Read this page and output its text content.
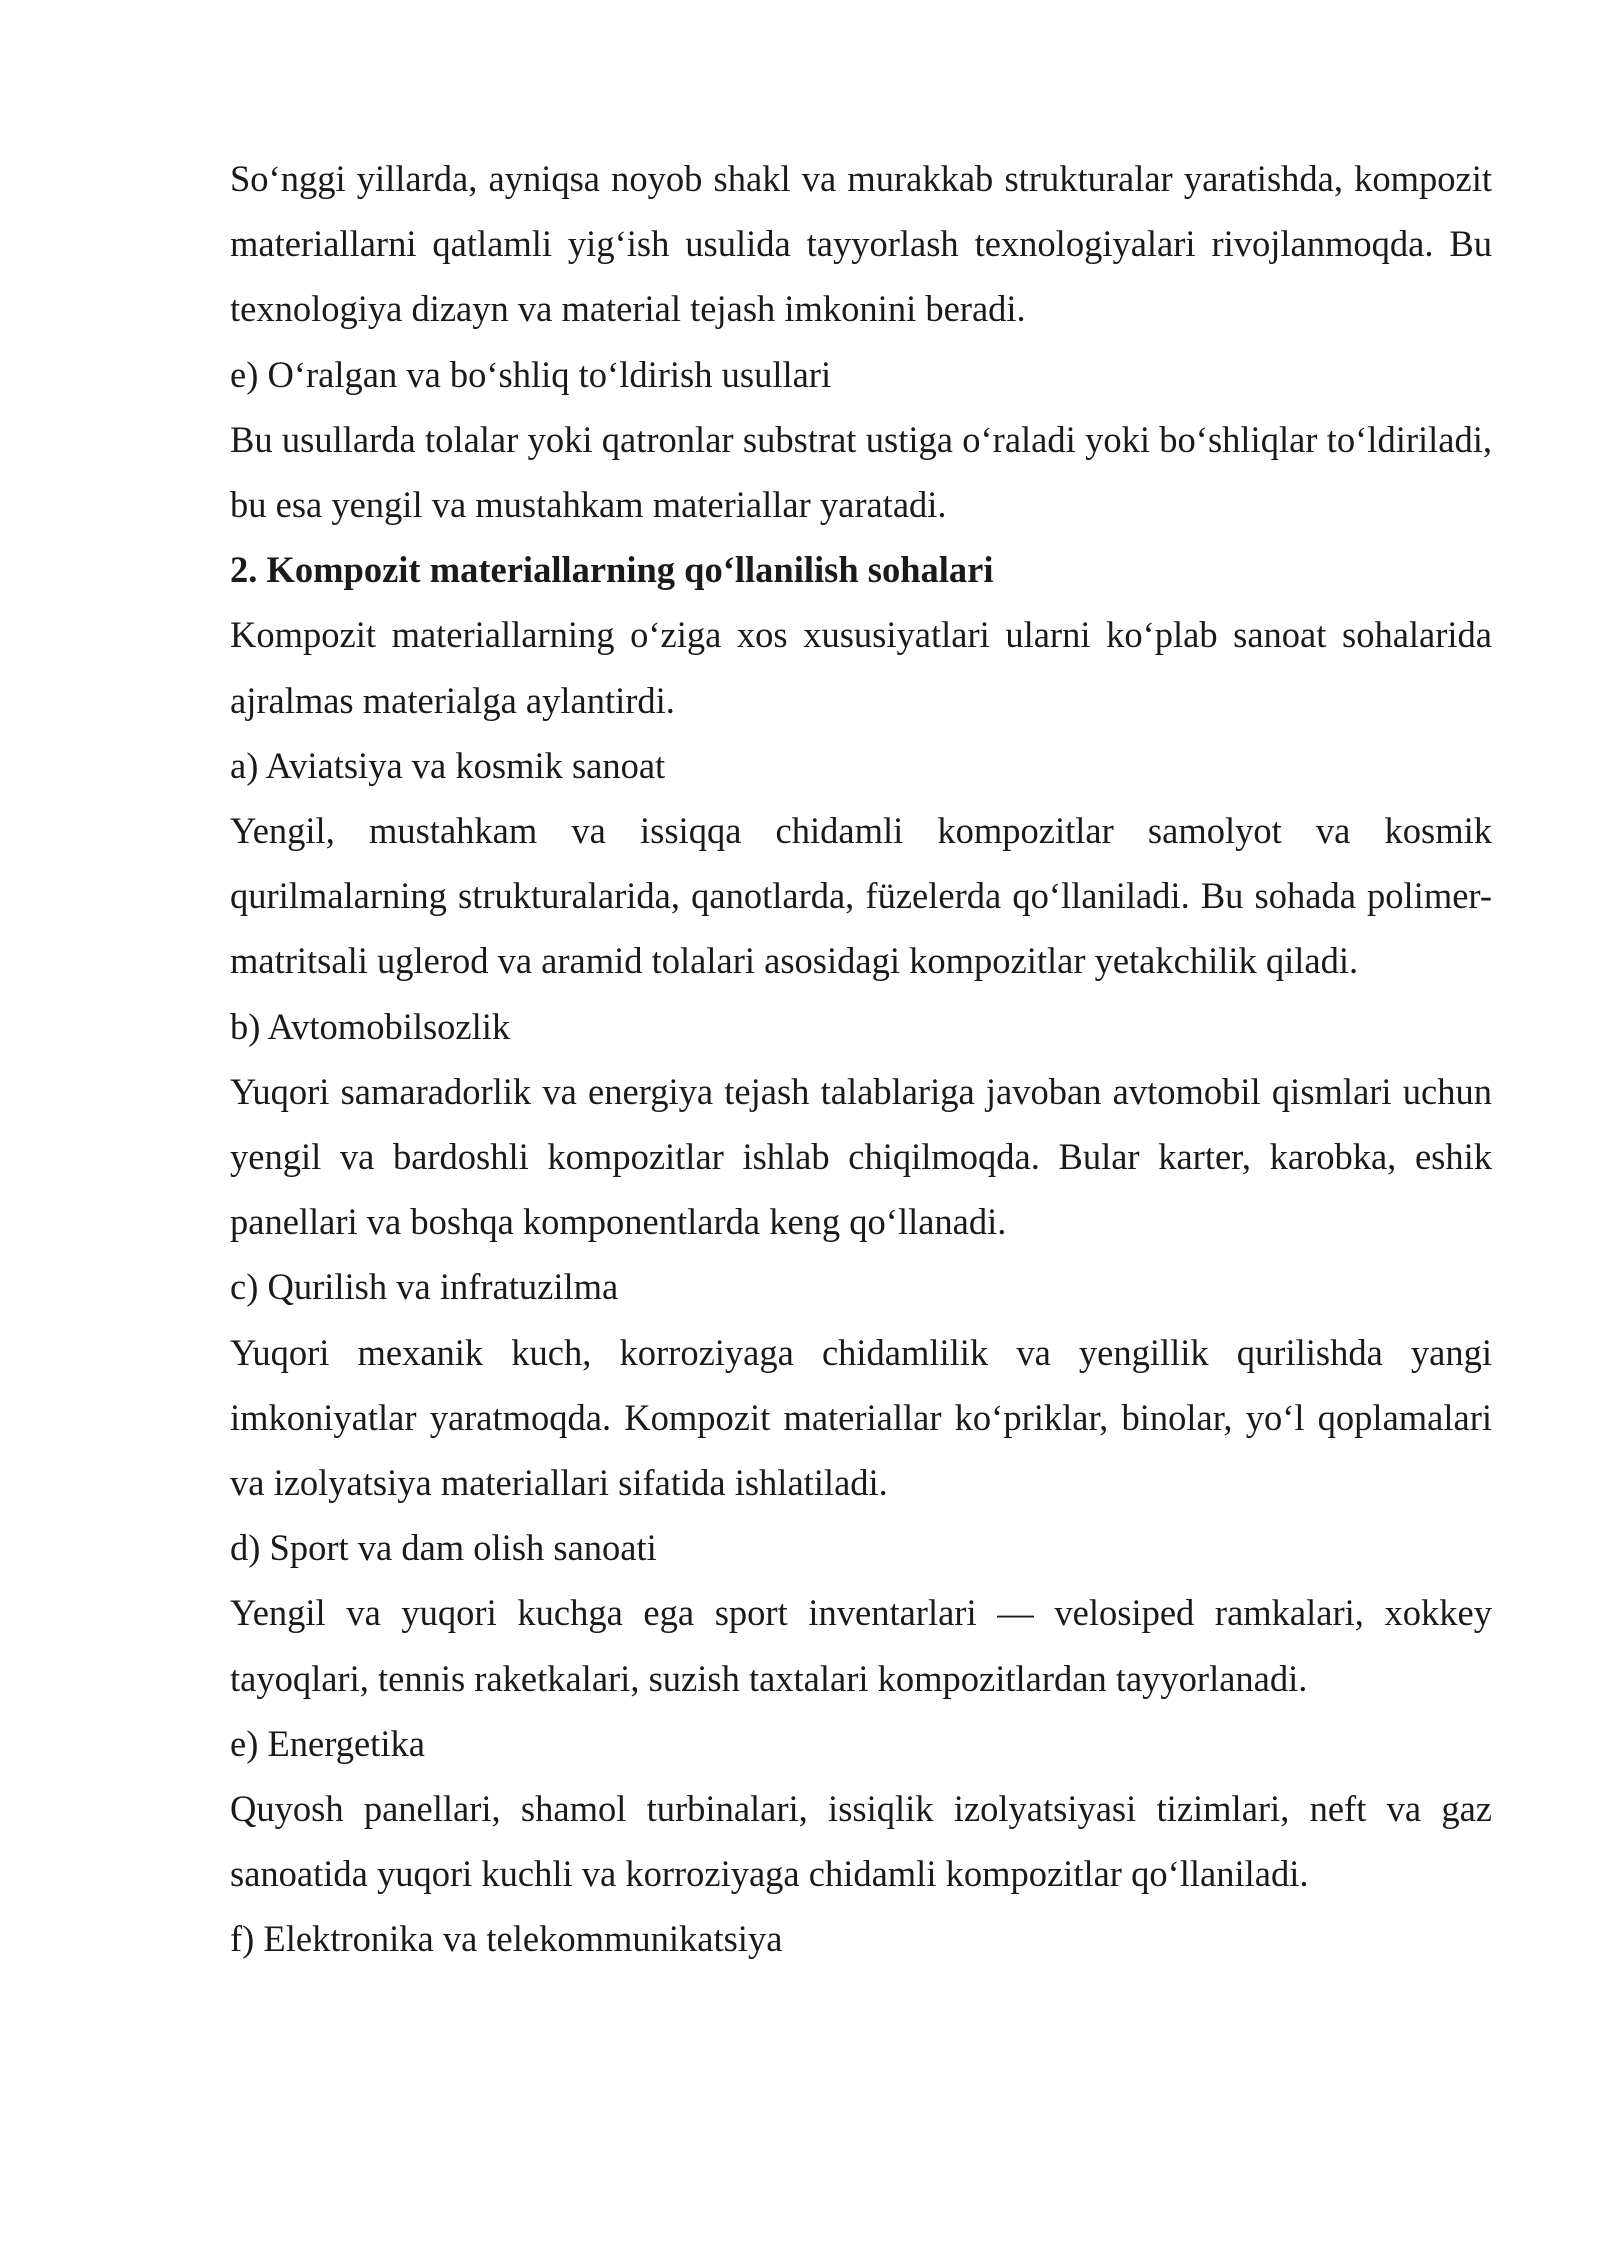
So‘nggi yillarda, ayniqsa noyob shakl va murakkab strukturalar yaratishda, kompozit materiallarni qatlamli yig‘ish usulida tayyorlash texnologiyalari rivojlanmoqda. Bu texnologiya dizayn va material tejash imkonini beradi.

e) O‘ralgan va bo‘shliq to‘ldirish usullari

Bu usullarda tolalar yoki qatronlar substrat ustiga o‘raladi yoki bo‘shliqlar to‘ldiriladi, bu esa yengil va mustahkam materiallar yaratadi.

2. Kompozit materiallarning qo‘llanilish sohalari

Kompozit materiallarning o‘ziga xos xususiyatlari ularni ko‘plab sanoat sohalarida ajralmas materialga aylantirdi.

a) Aviatsiya va kosmik sanoat

Yengil, mustahkam va issiqqa chidamli kompozitlar samolyot va kosmik qurilmalarning strukturalarida, qanotlarda, füzelerda qo‘llaniladi. Bu sohada polimer-matritsali uglerod va aramid tolalari asosidagi kompozitlar yetakchilik qiladi.

b) Avtomobilsozlik

Yuqori samaradorlik va energiya tejash talablariga javoban avtomobil qismlari uchun yengil va bardoshli kompozitlar ishlab chiqilmoqda. Bular karter, karobka, eshik panellari va boshqa komponentlarda keng qo‘llanadi.

c) Qurilish va infratuzilma

Yuqori mexanik kuch, korroziyaga chidamlilik va yengillik qurilishda yangi imkoniyatlar yaratmoqda. Kompozit materiallar ko‘priklar, binolar, yo‘l qoplamalari va izolyatsiya materiallari sifatida ishlatiladi.

d) Sport va dam olish sanoati

Yengil va yuqori kuchga ega sport inventarlari — velosiped ramkalari, xokkey tayoqlari, tennis raketkalari, suzish taxtalari kompozitlardan tayyorlanadi.

e) Energetika

Quyosh panellari, shamol turbinalari, issiqlik izolyatsiyasi tizimlari, neft va gaz sanoatida yuqori kuchli va korroziyaga chidamli kompozitlar qo‘llaniladi.

f) Elektronika va telekommunikatsiya
